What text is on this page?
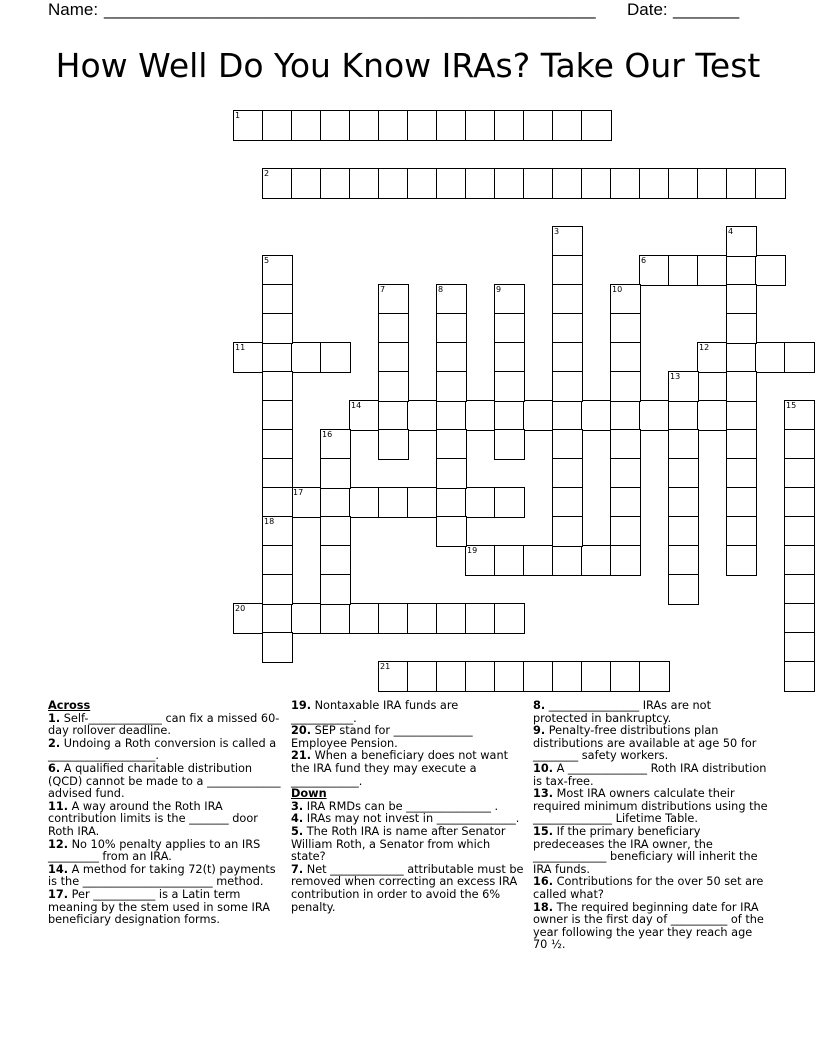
Name: ____________________________________________________ Date: _______
How Well Do You Know IRAs? Take Our Test
1
2
6
11	12
14
17
19
20
21
3	4
5
18
7	8	9	10
13
15
16
Across
1. Self-_____________ can fix a missed 60-day rollover deadline.
2. Undoing a Roth conversion is called a ___________________.
6. A qualified charitable distribution (QCD) cannot be made to a _____________ advised fund.
11. A way around the Roth IRA contribution limits is the _______ door Roth IRA.
12. No 10% penalty applies to an IRS _________ from an IRA.
14. A method for taking 72(t) payments is the _______________________ method.
17. Per ___________ is a Latin term meaning by the stem used in some IRA beneficiary designation forms.
19. Nontaxable IRA funds are ___________.
20. SEP stand for ______________ Employee Pension.
21. When a beneficiary does not want the IRA fund they may execute a ____________.
Down
3. IRA RMDs can be _______________ .
4. IRAs may not invest in ______________.
5. The Roth IRA is name after Senator William Roth, a Senator from which state?
7. Net _____________ attributable must be removed when correcting an excess IRA contribution in order to avoid the 6% penalty.
8. ________________ IRAs are not protected in bankruptcy.
9. Penalty-free distributions plan distributions are available at age 50 for ________ safety workers.
10. A ______________ Roth IRA distribution is tax-free.
13. Most IRA owners calculate their required minimum distributions using the ______________ Lifetime Table.
15. If the primary beneficiary predeceases the IRA owner, the _____________ beneficiary will inherit the IRA funds.
16. Contributions for the over 50 set are called what?
18. The required beginning date for IRA owner is the first day of __________ of the year following the year they reach age 70 ½.
